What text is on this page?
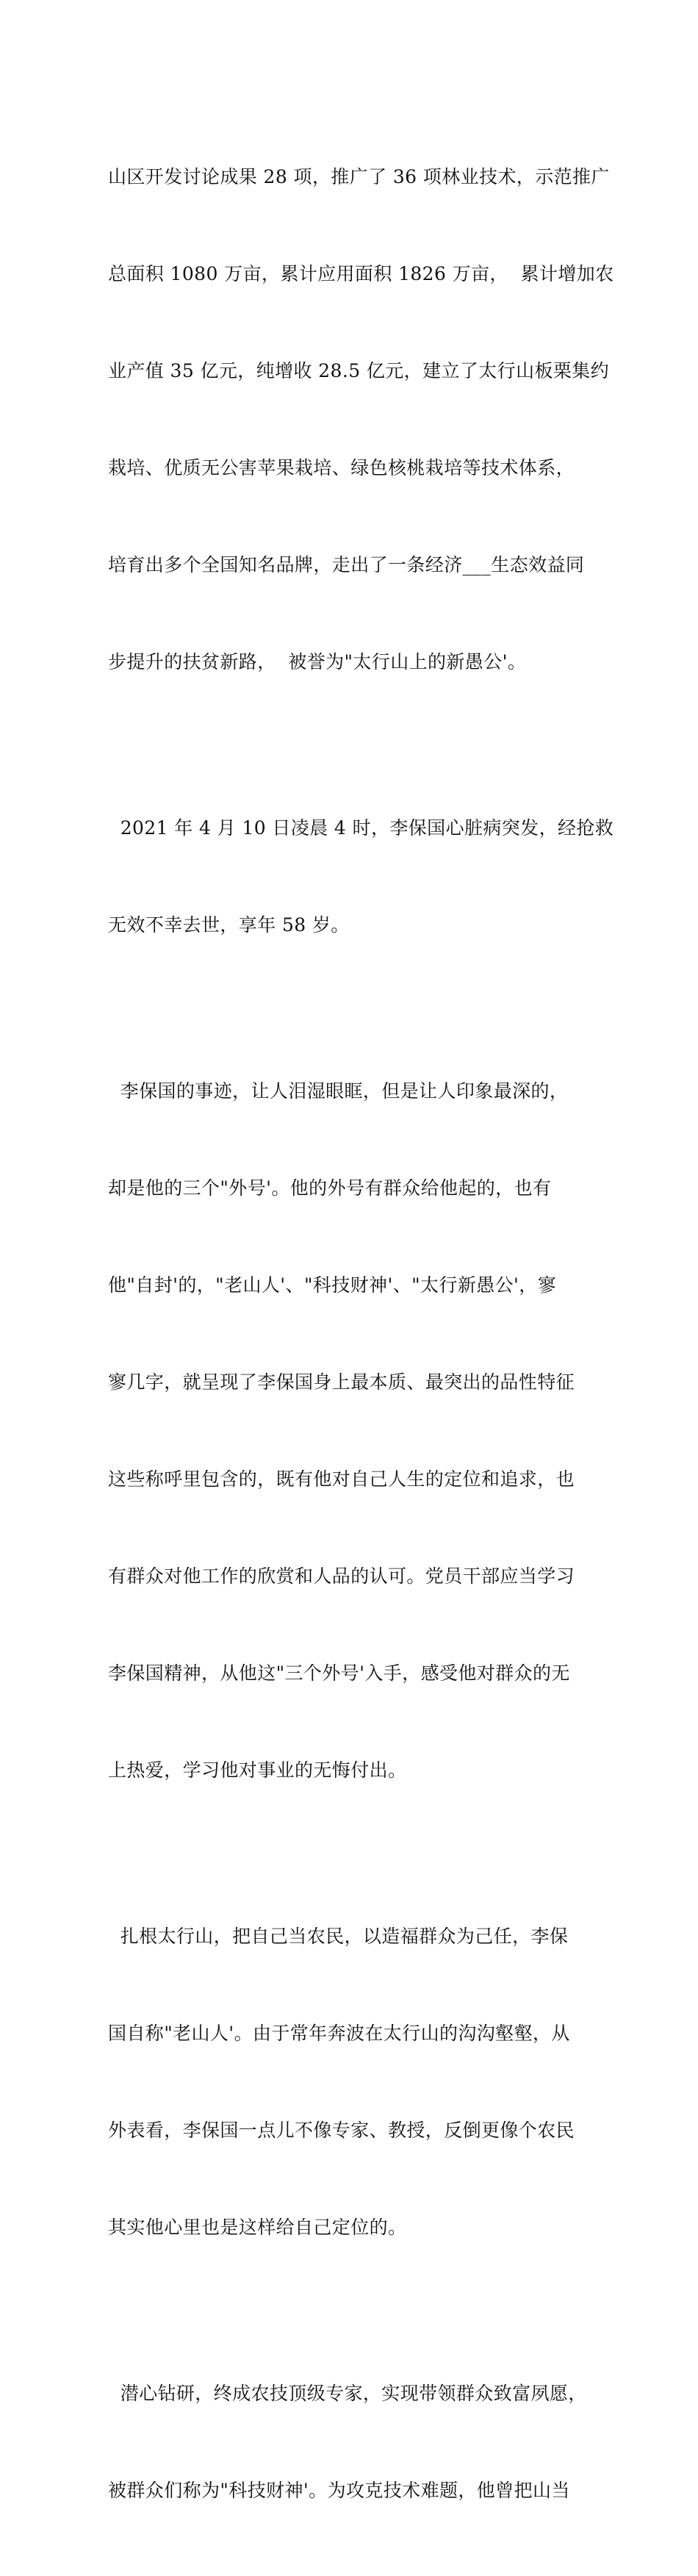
山区开发讨论成果 28 项，推广了 36 项林业技术，示范推广

总面积 1080 万亩，累计应用面积 1826 万亩，  累计增加农

业产值 35 亿元，纯增收 28.5 亿元，建立了太行山板栗集约

栽培、优质无公害苹果栽培、绿色核桃栽培等技术体系，

培育出多个全国知名品牌，走出了一条经济___生态效益同

步提升的扶贫新路，  被誉为"太行山上的新愚公'。

2021 年 4 月 10 日凌晨 4 时，李保国心脏病突发，经抢救

无效不幸去世，享年 58 岁。

李保国的事迹，让人泪湿眼眶，但是让人印象最深的，

却是他的三个"外号'。他的外号有群众给他起的，也有

他"自封'的，"老山人'、"科技财神'、"太行新愚公'，寥

寥几字，就呈现了李保国身上最本质、最突出的品性特征

这些称呼里包含的，既有他对自己人生的定位和追求，也

有群众对他工作的欣赏和人品的认可。党员干部应当学习

李保国精神，从他这"三个外号'入手，感受他对群众的无

上热爱，学习他对事业的无悔付出。

扎根太行山，把自己当农民，以造福群众为己任，李保

国自称"老山人'。由于常年奔波在太行山的沟沟壑壑，从

外表看，李保国一点儿不像专家、教授，反倒更像个农民

其实他心里也是这样给自己定位的。

潜心钻研，终成农技顶级专家，实现带领群众致富夙愿，

被群众们称为"科技财神'。为攻克技术难题，他曾把山当
